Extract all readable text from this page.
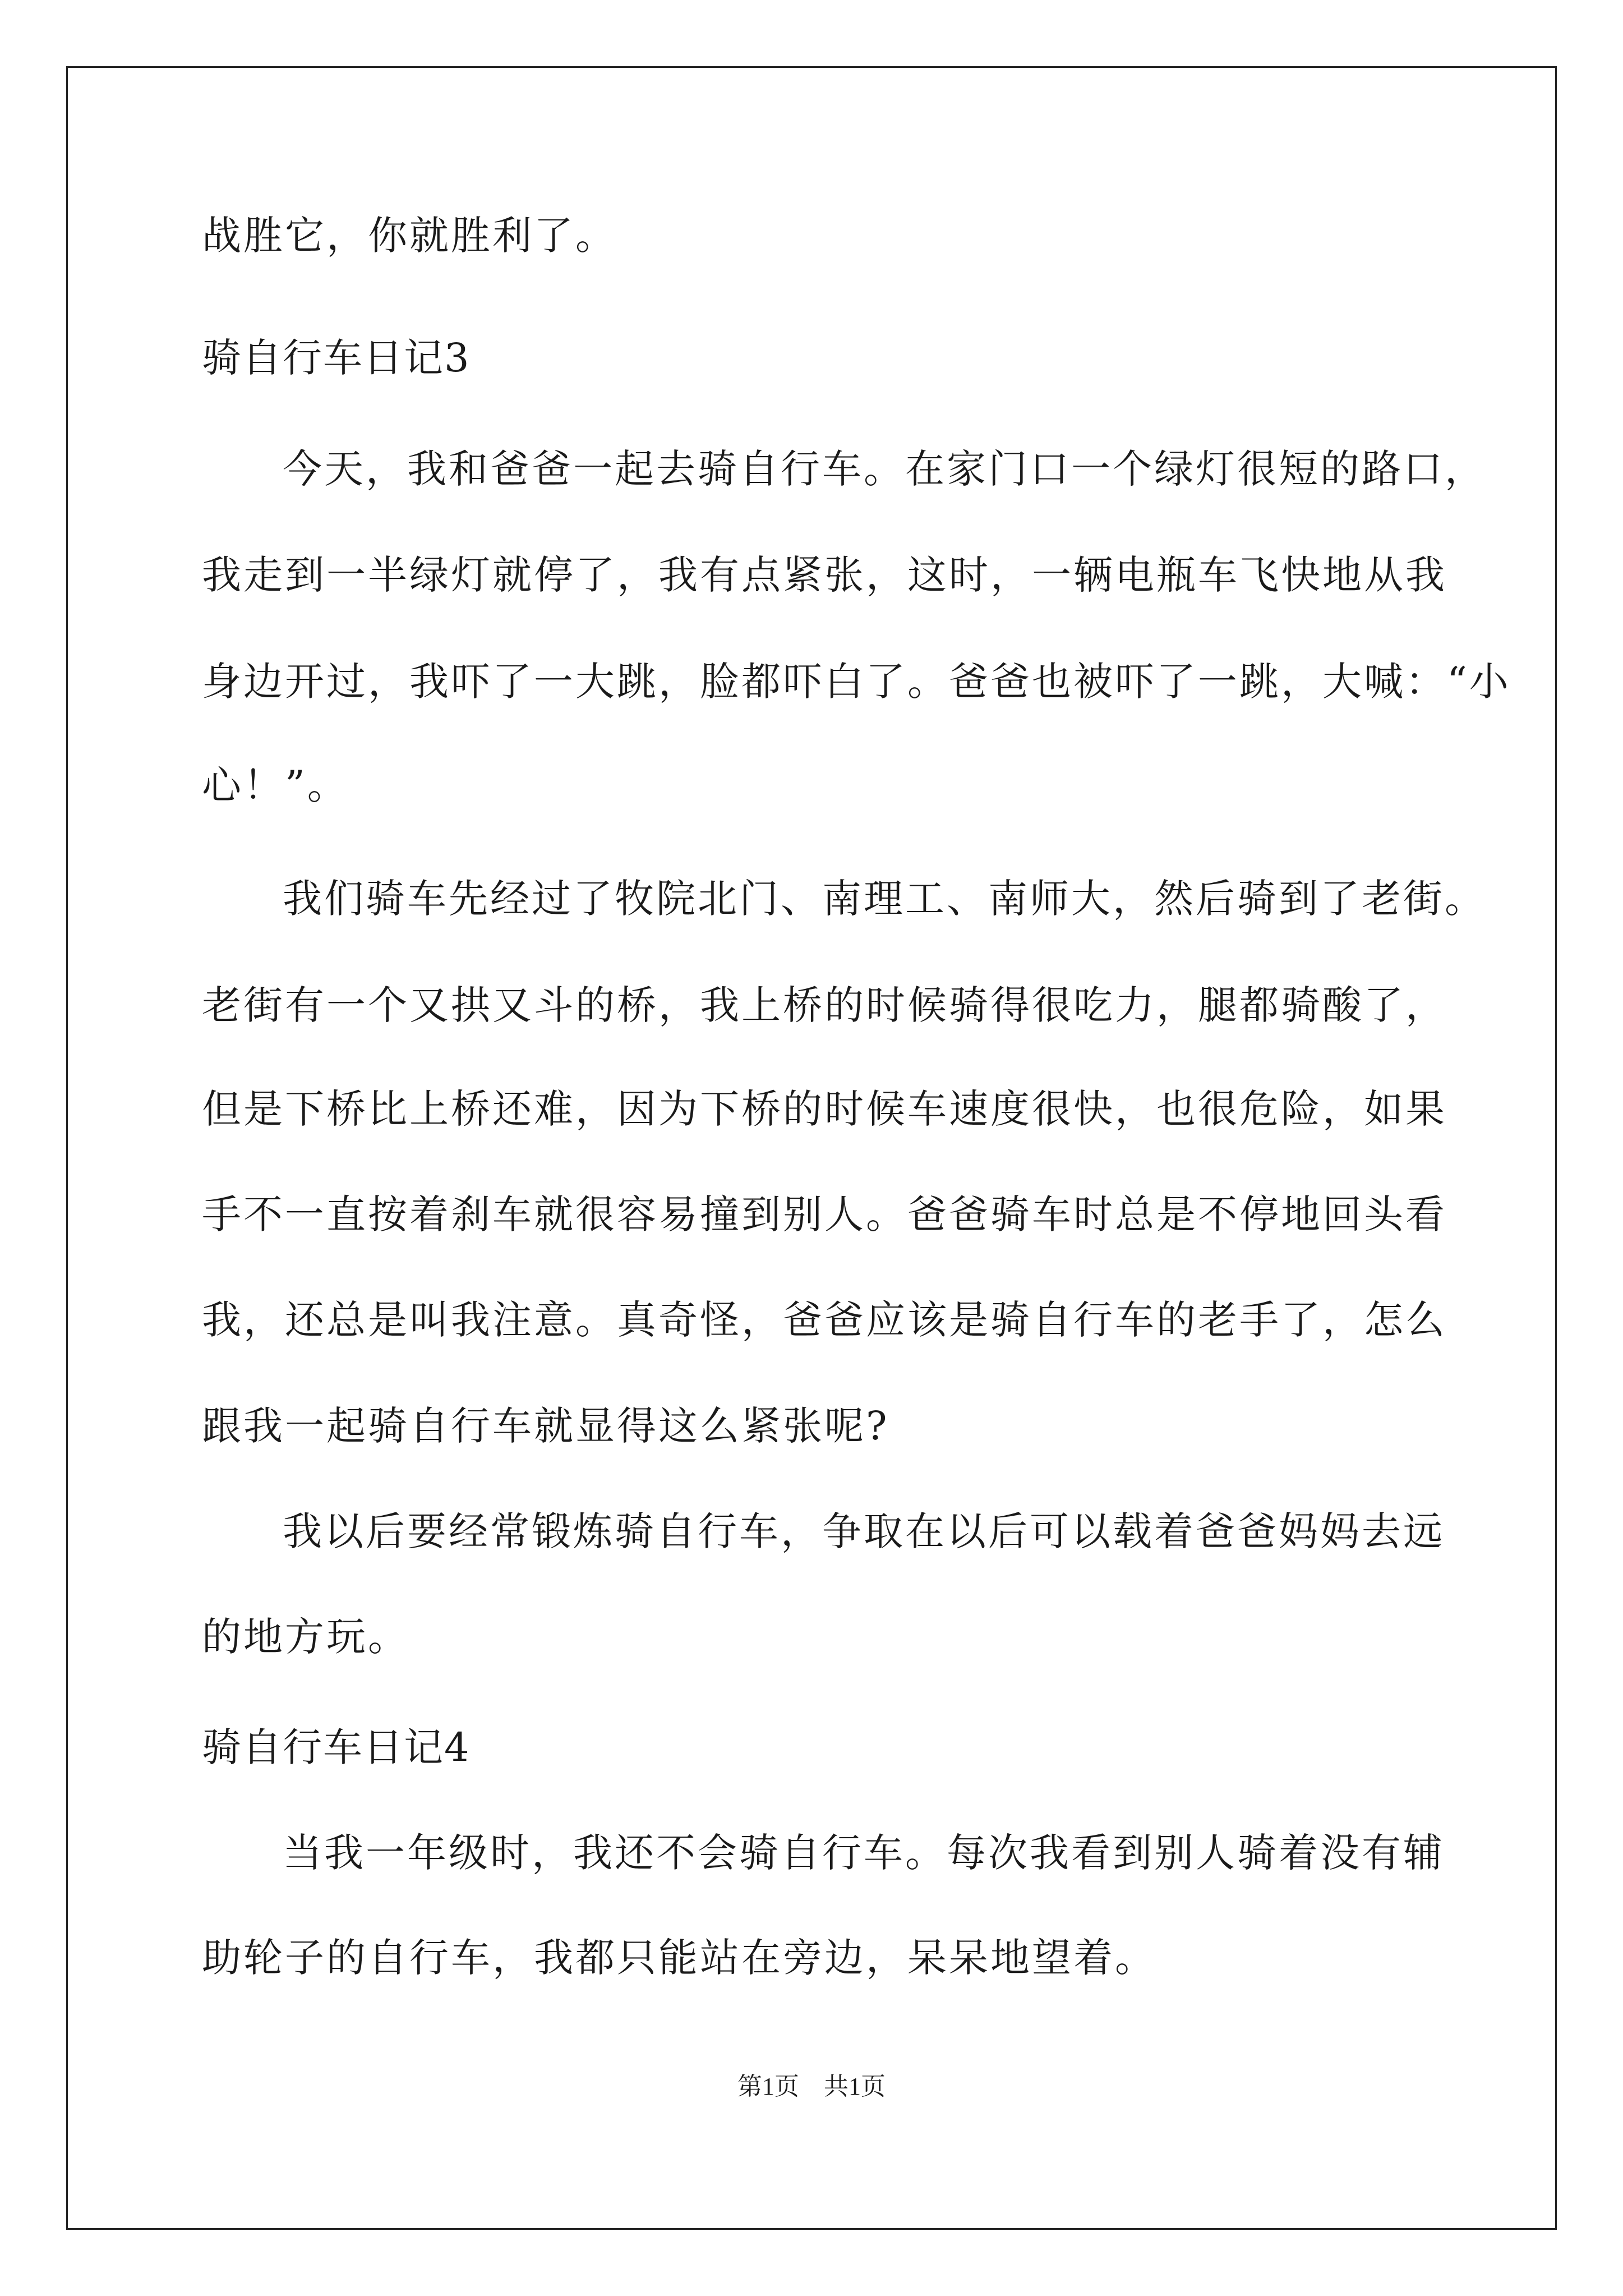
战胜它，你就胜利了。
骑自行车日记3
今天，我和爸爸一起去骑自行车。在家门口一个绿灯很短的路口，
我走到一半绿灯就停了，我有点紧张，这时，一辆电瓶车飞快地从我
身边开过，我吓了一大跳，脸都吓白了。爸爸也被吓了一跳，大喊：“小
心！”。
我们骑车先经过了牧院北门、南理工、南师大，然后骑到了老街。
老街有一个又拱又斗的桥，我上桥的时候骑得很吃力，腿都骑酸了，
但是下桥比上桥还难，因为下桥的时候车速度很快，也很危险，如果
手不一直按着刹车就很容易撞到别人。爸爸骑车时总是不停地回头看
我，还总是叫我注意。真奇怪，爸爸应该是骑自行车的老手了，怎么
跟我一起骑自行车就显得这么紧张呢?
我以后要经常锻炼骑自行车，争取在以后可以载着爸爸妈妈去远
的地方玩。
骑自行车日记4
当我一年级时，我还不会骑自行车。每次我看到别人骑着没有辅
助轮子的自行车，我都只能站在旁边，呆呆地望着。
第1页　共1页
